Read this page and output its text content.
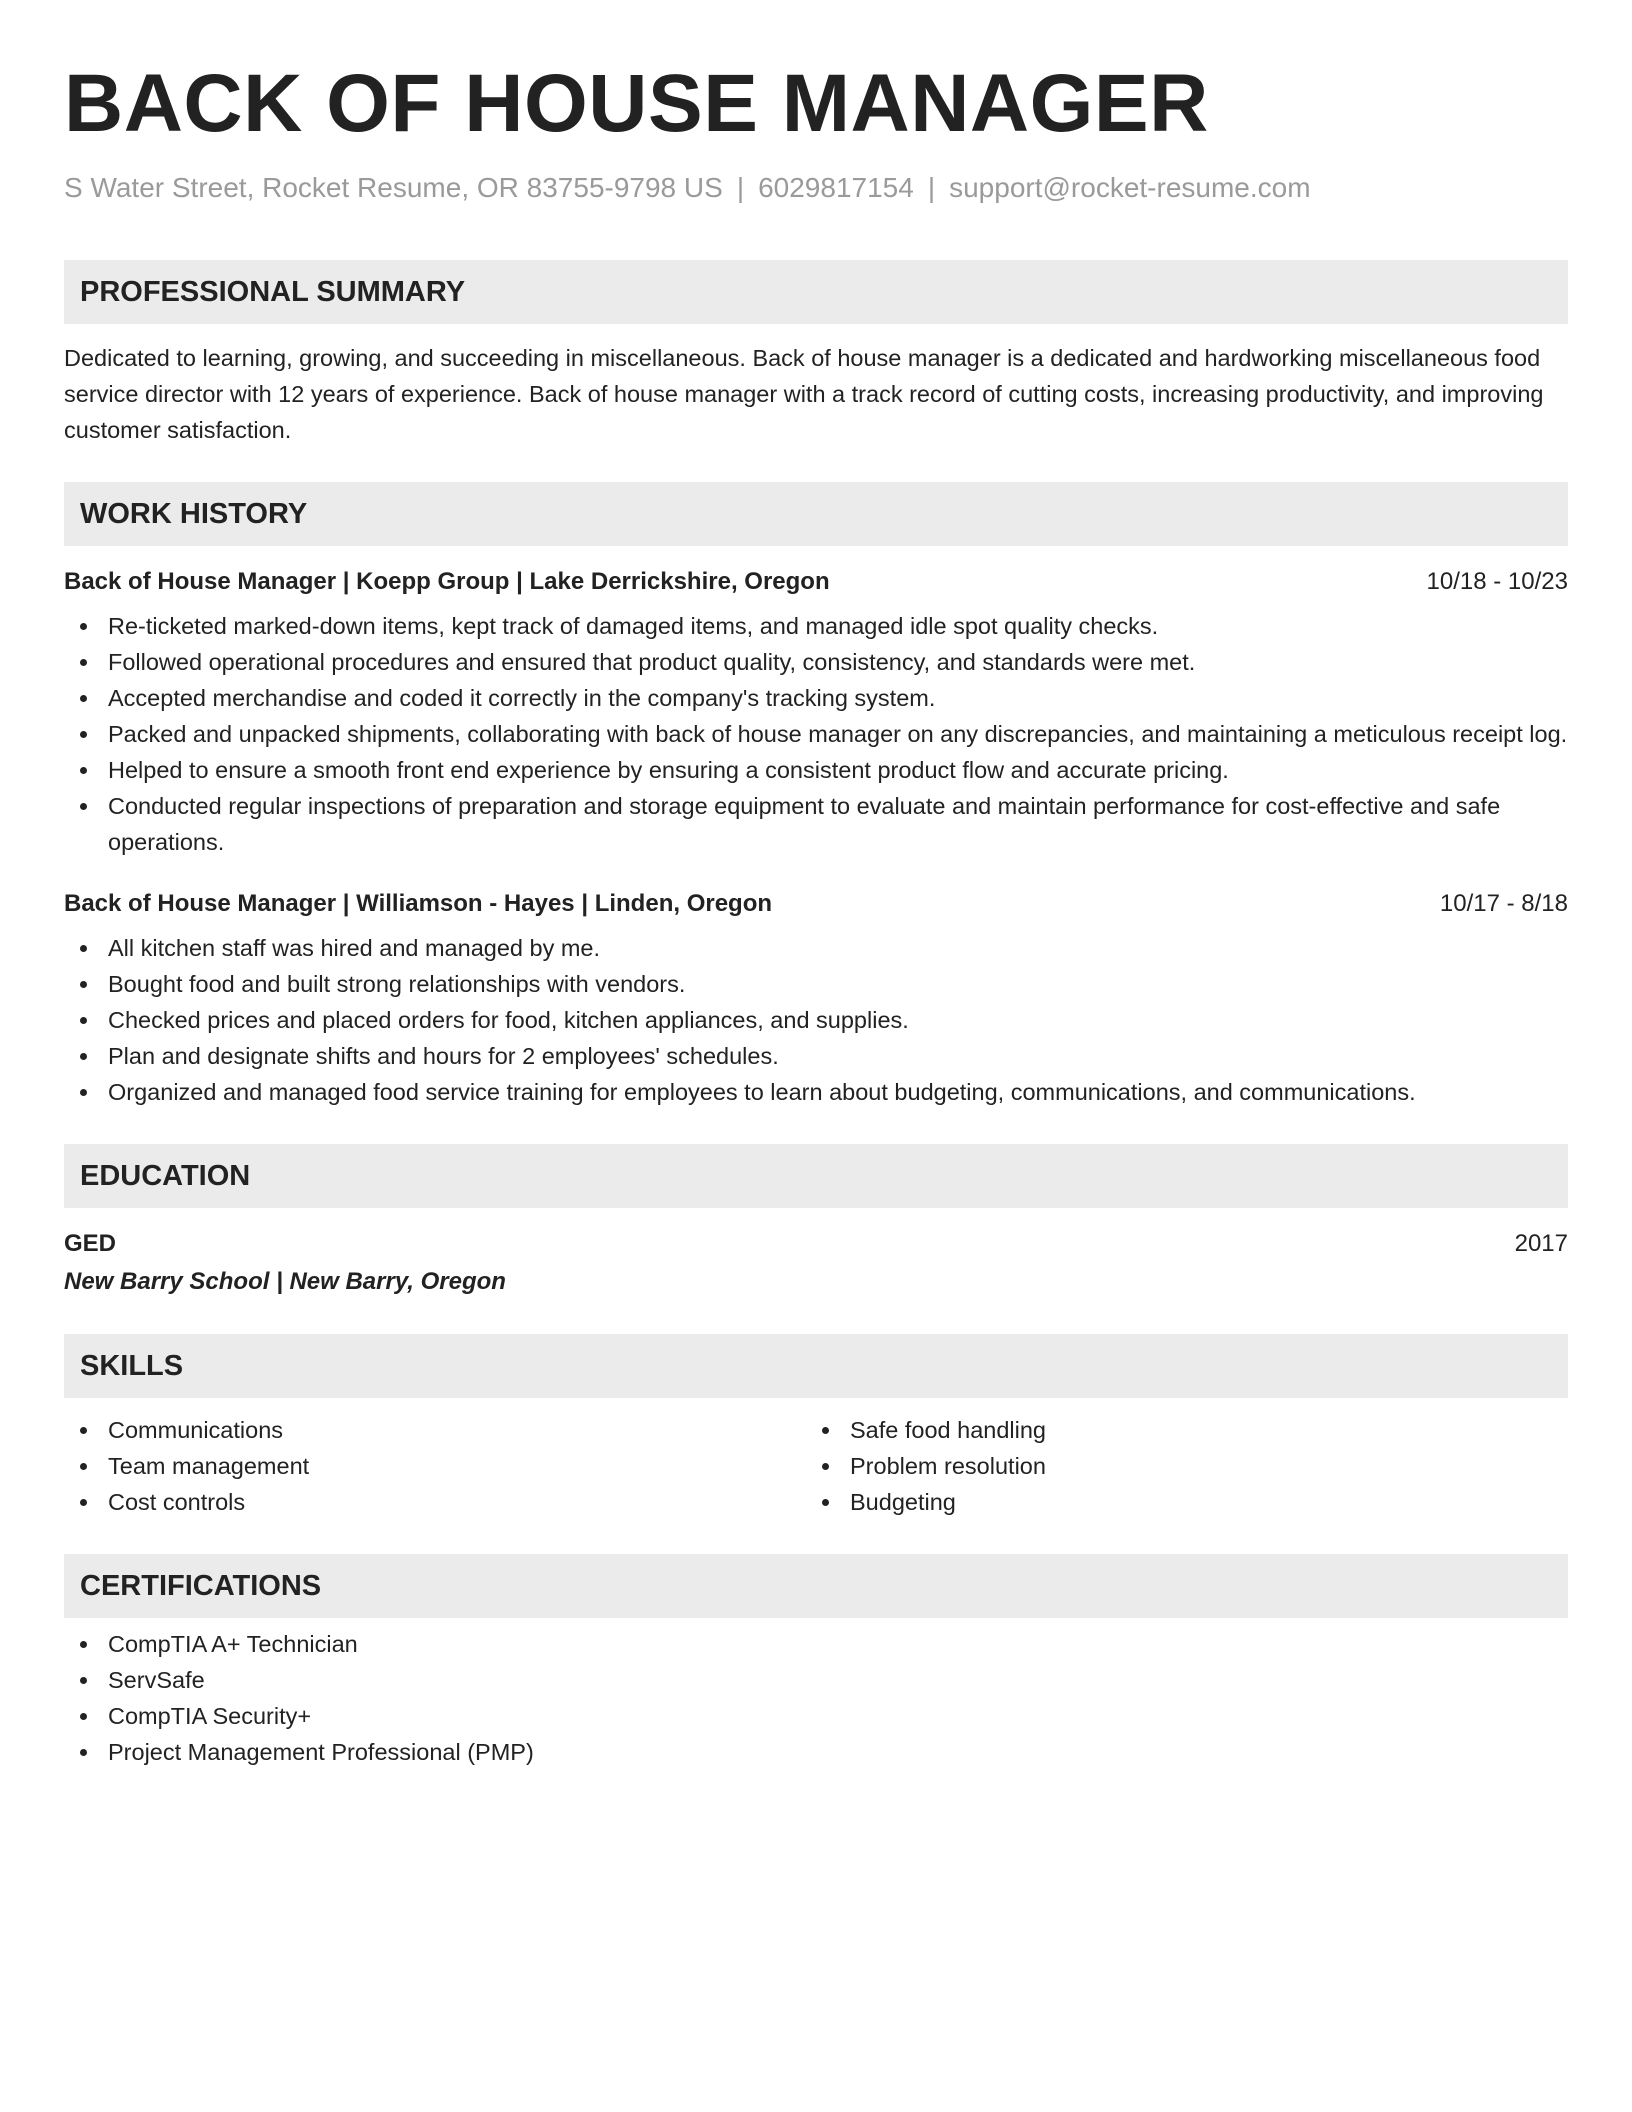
BACK OF HOUSE MANAGER
S Water Street, Rocket Resume, OR 83755-9798 US | 6029817154 | support@rocket-resume.com
PROFESSIONAL SUMMARY

Dedicated to learning, growing, and succeeding in miscellaneous. Back of house manager is a dedicated and hardworking miscellaneous food service director with 12 years of experience. Back of house manager with a track record of cutting costs, increasing productivity, and improving customer satisfaction.

WORK HISTORY
Back of House Manager | Koepp Group | Lake Derrickshire, Oregon	10/18 - 10/23
Re-ticketed marked-down items, kept track of damaged items, and managed idle spot quality checks.
Followed operational procedures and ensured that product quality, consistency, and standards were met.
Accepted merchandise and coded it correctly in the company's tracking system.
Packed and unpacked shipments, collaborating with back of house manager on any discrepancies, and maintaining a meticulous receipt log.
Helped to ensure a smooth front end experience by ensuring a consistent product flow and accurate pricing.
Conducted regular inspections of preparation and storage equipment to evaluate and maintain performance for cost-effective and safe operations.
Back of House Manager | Williamson - Hayes | Linden, Oregon	10/17 - 8/18
All kitchen staff was hired and managed by me.
Bought food and built strong relationships with vendors.
Checked prices and placed orders for food, kitchen appliances, and supplies.
Plan and designate shifts and hours for 2 employees' schedules.
Organized and managed food service training for employees to learn about budgeting, communications, and communications.
EDUCATION
GED	2017
New Barry School | New Barry, Oregon
SKILLS
Communications
Team management
Cost controls
Safe food handling
Problem resolution
Budgeting
CERTIFICATIONS
CompTIA A+ Technician
ServSafe
CompTIA Security+
Project Management Professional (PMP)
